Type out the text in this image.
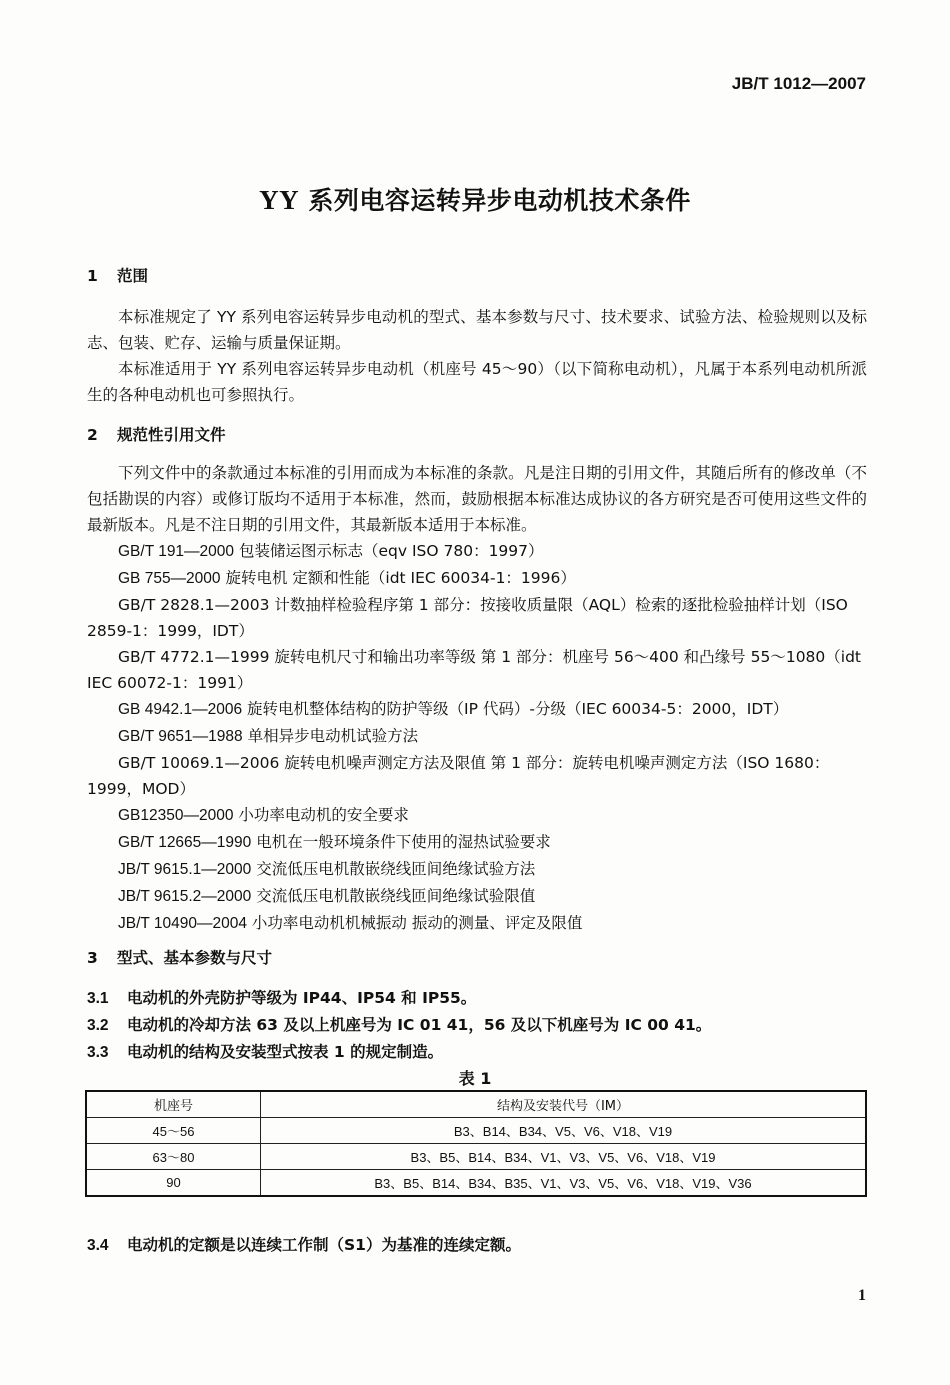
JB/T 1012—2007
YY 系列电容运转异步电动机技术条件
1 范围
本标准规定了 YY 系列电容运转异步电动机的型式、基本参数与尺寸、技术要求、试验方法、检验规则以及标志、包装、贮存、运输与质量保证期。
本标准适用于 YY 系列电容运转异步电动机（机座号 45～90）（以下简称电动机），凡属于本系列电动机所派生的各种电动机也可参照执行。
2 规范性引用文件
下列文件中的条款通过本标准的引用而成为本标准的条款。凡是注日期的引用文件，其随后所有的修改单（不包括勘误的内容）或修订版均不适用于本标准，然而，鼓励根据本标准达成协议的各方研究是否可使用这些文件的最新版本。凡是不注日期的引用文件，其最新版本适用于本标准。
GB/T 191—2000 包装储运图示标志（eqv ISO 780：1997）
GB 755—2000 旋转电机 定额和性能（idt IEC 60034-1：1996）
GB/T 2828.1—2003 计数抽样检验程序第 1 部分：按接收质量限（AQL）检索的逐批检验抽样计划（ISO 2859-1：1999，IDT）
GB/T 4772.1—1999 旋转电机尺寸和输出功率等级 第 1 部分：机座号 56～400 和凸缘号 55～1080（idt IEC 60072-1：1991）
GB 4942.1—2006 旋转电机整体结构的防护等级（IP 代码）-分级（IEC 60034-5：2000，IDT）
GB/T 9651—1988 单相异步电动机试验方法
GB/T 10069.1—2006 旋转电机噪声测定方法及限值 第 1 部分：旋转电机噪声测定方法（ISO 1680：1999，MOD）
GB12350—2000 小功率电动机的安全要求
GB/T 12665—1990 电机在一般环境条件下使用的湿热试验要求
JB/T 9615.1—2000 交流低压电机散嵌绕线匝间绝缘试验方法
JB/T 9615.2—2000 交流低压电机散嵌绕线匝间绝缘试验限值
JB/T 10490—2004 小功率电动机机械振动 振动的测量、评定及限值
3 型式、基本参数与尺寸
3.1 电动机的外壳防护等级为 IP44、IP54 和 IP55。
3.2 电动机的冷却方法 63 及以上机座号为 IC 01 41，56 及以下机座号为 IC 00 41。
3.3 电动机的结构及安装型式按表 1 的规定制造。
表 1
机座号	结构及安装代号（IM）
45～56	B3、B14、B34、V5、V6、V18、V19
63～80	B3、B5、B14、B34、V1、V3、V5、V6、V18、V19
90	B3、B5、B14、B34、B35、V1、V3、V5、V6、V18、V19、V36
3.4 电动机的定额是以连续工作制（S1）为基准的连续定额。
1
